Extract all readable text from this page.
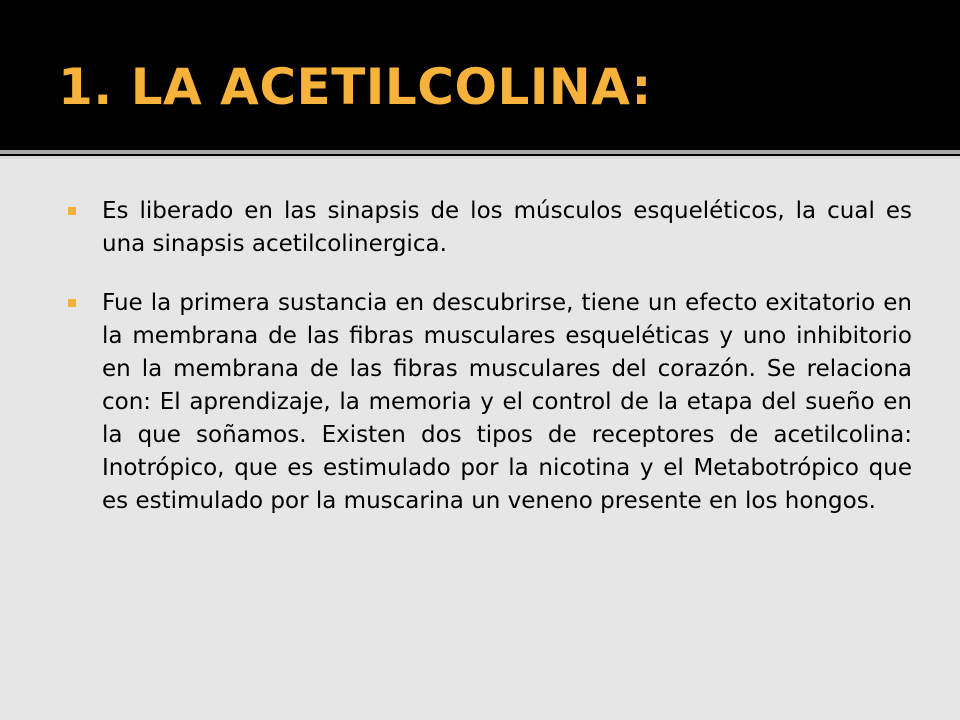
1. LA ACETILCOLINA:
Es liberado en las sinapsis de los músculos esqueléticos, la cual es una sinapsis acetilcolinergica.
Fue la primera sustancia en descubrirse, tiene un efecto exitatorio en la membrana de las fibras musculares esqueléticas y uno inhibitorio en la membrana de las fibras musculares del corazón. Se relaciona con: El aprendizaje, la memoria y el control de la etapa del sueño en la que soñamos. Existen dos tipos de receptores de acetilcolina: Inotrópico, que es estimulado por la nicotina y el Metabotrópico que es estimulado por la muscarina un veneno presente en los hongos.
